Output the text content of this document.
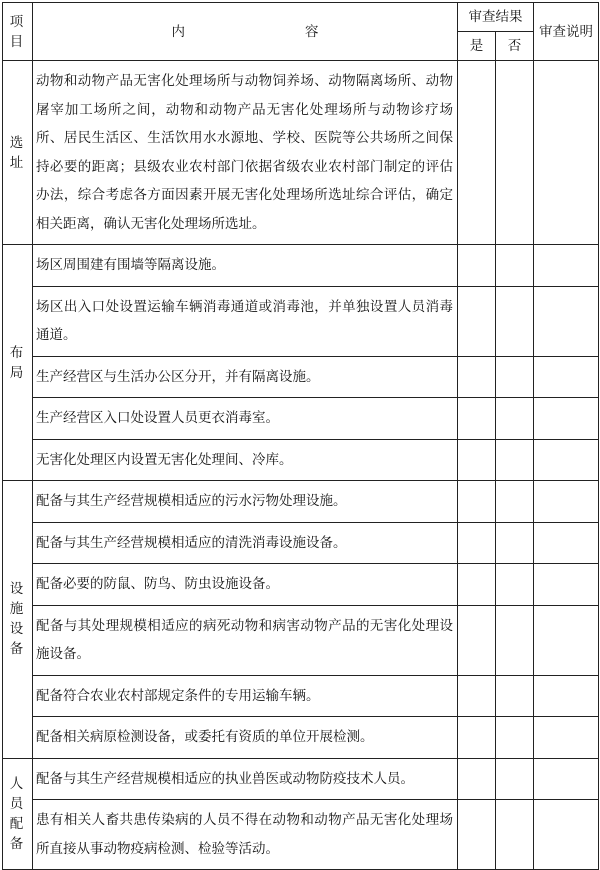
项
目	内 容	审查结果		审查说明
		是	否	

选
址	动物和动物产品无害化处理场所与动物饲养场、动物隔离场所、动物屠宰加工场所之间，动物和动物产品无害化处理场所与动物诊疗场所、居民生活区、生活饮用水水源地、学校、医院等公共场所之间保持必要的距离；县级农业农村部门依据省级农业农村部门制定的评估办法，综合考虑各方面因素开展无害化处理场所选址综合评估，确定相关距离，确认无害化处理场所选址。			

布
局	场区周围建有围墙等隔离设施。			
	场区出入口处设置运输车辆消毒通道或消毒池，并单独设置人员消毒通道。			
	生产经营区与生活办公区分开，并有隔离设施。			
	生产经营区入口处设置人员更衣消毒室。			
	无害化处理区内设置无害化处理间、冷库。			

设
施
设
备	配备与其生产经营规模相适应的污水污物处理设施。			
	配备与其生产经营规模相适应的清洗消毒设施设备。			
	配备必要的防鼠、防鸟、防虫设施设备。			
	配备与其处理规模相适应的病死动物和病害动物产品的无害化处理设施设备。			
	配备符合农业农村部规定条件的专用运输车辆。			
	配备相关病原检测设备，或委托有资质的单位开展检测。			

人
员
配
备	配备与其生产经营规模相适应的执业兽医或动物防疫技术人员。			
	患有相关人畜共患传染病的人员不得在动物和动物产品无害化处理场所直接从事动物疫病检测、检验等活动。			
